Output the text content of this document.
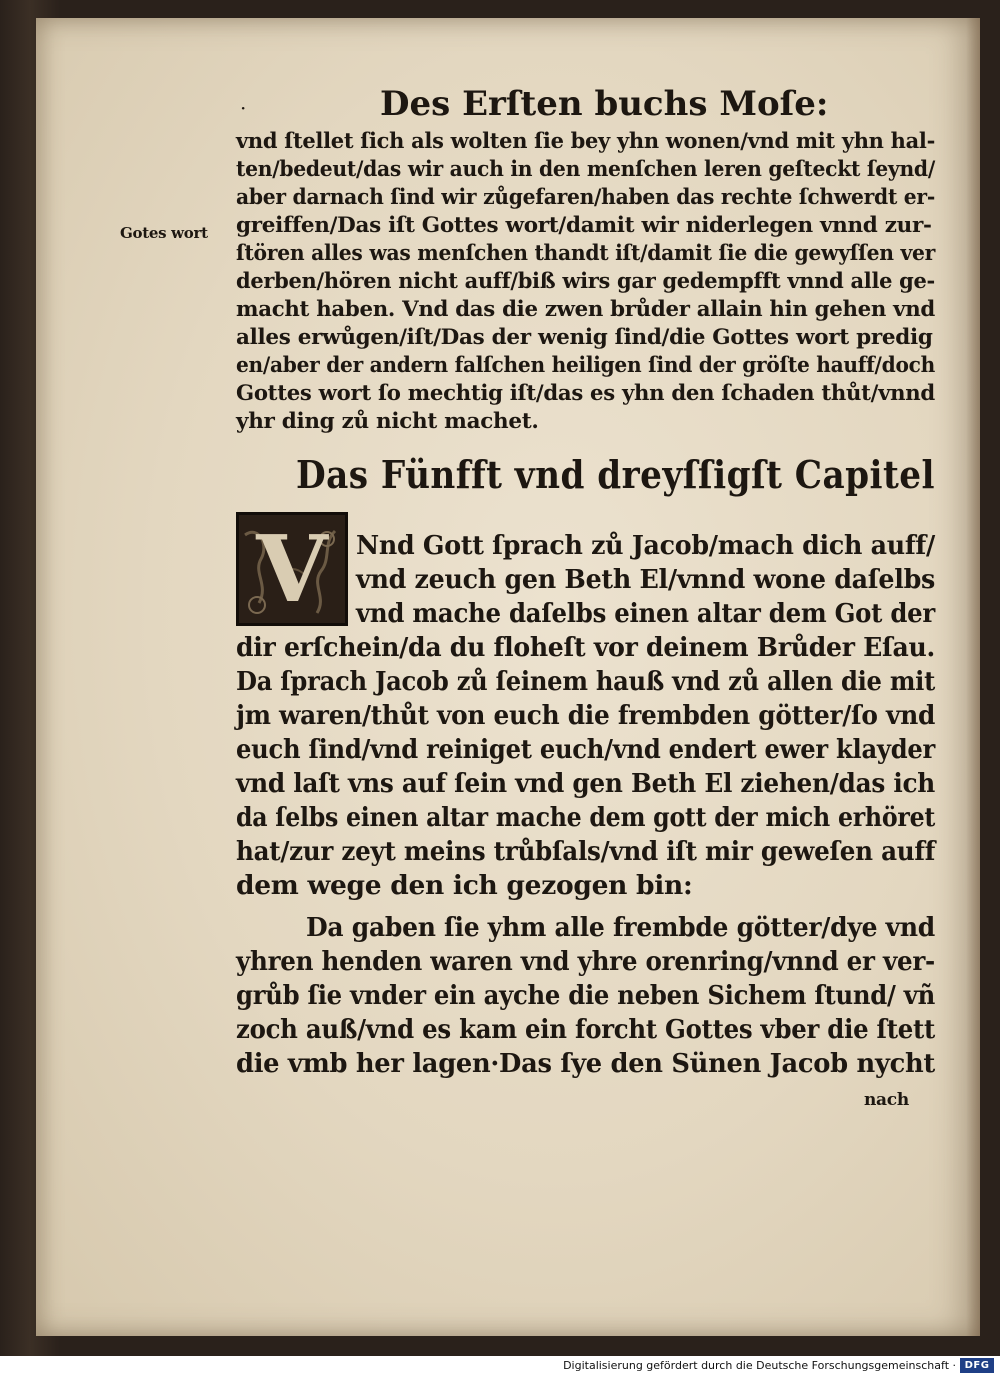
·	Des Erſten buchs Moſe:
Gotes wort
vnd ſtellet ſich als wolten ſie bey yhn wonen/vnd mit yhn hal-
ten/bedeut/das wir auch in den menſchen leren geſteckt ſeynd/
aber darnach ſind wir zůgefaren/haben das rechte ſchwerdt er-
greiffen/Das iſt Gottes wort/damit wir niderlegen vnnd zur-
ſtören alles was menſchen thandt iſt/damit ſie die gewyſſen ver
derben/hören nicht auff/biß wirs gar gedempfft vnnd alle ge-
macht haben. Vnd das die zwen brůder allain hin gehen vnd
alles erwůgen/iſt/Das der wenig ſind/die Gottes wort predig
en/aber der andern falſchen heiligen ſind der gröſte hauff/doch
Gottes wort ſo mechtig iſt/das es yhn den ſchaden thůt/vnnd
yhr ding zů nicht machet.
Das Fünfft vnd dreyſſigſt Capitel
V Nnd Gott ſprach zů Jacob/mach dich auff/
vnd zeuch gen Beth El/vnnd wone daſelbs
vnd mache daſelbs einen altar dem Got der
dir erſchein/da du floheſt vor deinem Brůder Eſau.
Da ſprach Jacob zů ſeinem hauß vnd zů allen die mit
jm waren/thůt von euch die frembden götter/ſo vnd
euch ſind/vnd reiniget euch/vnd endert ewer klayder
vnd laſt vns auf ſein vnd gen Beth El ziehen/das ich
da ſelbs einen altar mache dem gott der mich erhöret
hat/zur zeyt meins trůbſals/vnd iſt mir geweſen auff
dem wege den ich gezogen bin:
Da gaben ſie yhm alle frembde götter/dye vnd
yhren henden waren vnd yhre orenring/vnnd er ver-
grůb ſie vnder ein ayche die neben Sichem ſtund/ vñ
zoch auß/vnd es kam ein forcht Gottes vber die ſtett
die vmb her lagen·Das ſye den Sünen Jacob nycht
nach
Digitalisierung gefördert durch die Deutsche Forschungsgemeinschaft · DFG
